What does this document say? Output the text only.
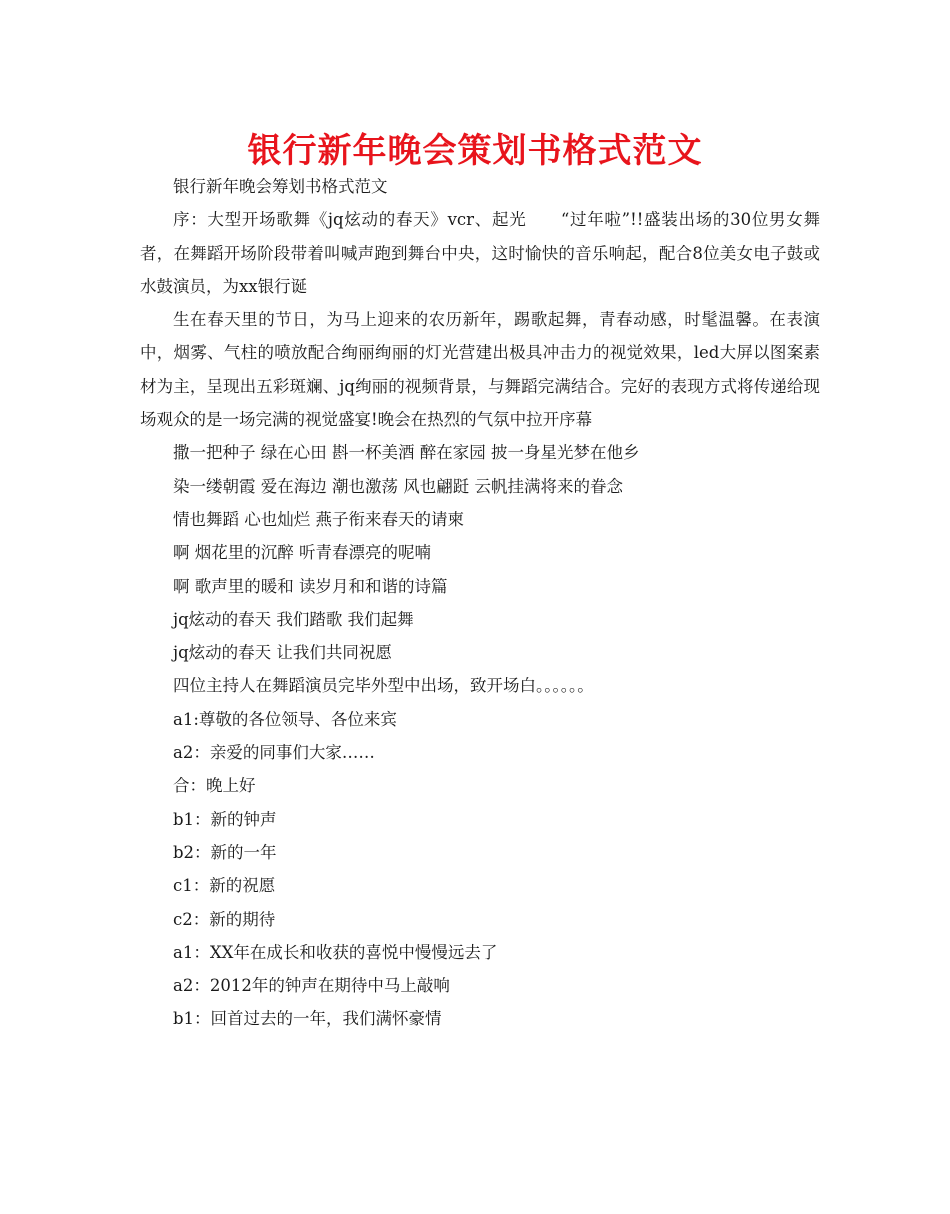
银行新年晚会策划书格式范文

银行新年晚会筹划书格式范文

序：大型开场歌舞《jq炫动的春天》vcr、起光　　“过年啦”!!盛装出场的30位男女舞者，在舞蹈开场阶段带着叫喊声跑到舞台中央，这时愉快的音乐响起，配合8位美女电子鼓或水鼓演员，为xx银行诞

生在春天里的节日，为马上迎来的农历新年，踢歌起舞，青春动感，时髦温馨。在表演中，烟雾、气柱的喷放配合绚丽绚丽的灯光营建出极具冲击力的视觉效果，led大屏以图案素材为主，呈现出五彩斑斓、jq绚丽的视频背景，与舞蹈完满结合。完好的表现方式将传递给现场观众的是一场完满的视觉盛宴!晚会在热烈的气氛中拉开序幕

撒一把种子 绿在心田 斟一杯美酒 醉在家园 披一身星光梦在他乡

染一缕朝霞 爱在海边 潮也激荡 风也翩跹 云帆挂满将来的眷念

情也舞蹈 心也灿烂 燕子衔来春天的请柬

啊 烟花里的沉醉 听青春漂亮的呢喃

啊 歌声里的暖和 读岁月和和谐的诗篇

jq炫动的春天 我们踏歌 我们起舞

jq炫动的春天 让我们共同祝愿

四位主持人在舞蹈演员完毕外型中出场，致开场白。。。。。。

a1:尊敬的各位领导、各位来宾

a2：亲爱的同事们大家……

合：晚上好

b1：新的钟声

b2：新的一年

c1：新的祝愿

c2：新的期待

a1：XX年在成长和收获的喜悦中慢慢远去了

a2：2012年的钟声在期待中马上敲响

b1：回首过去的一年，我们满怀豪情
